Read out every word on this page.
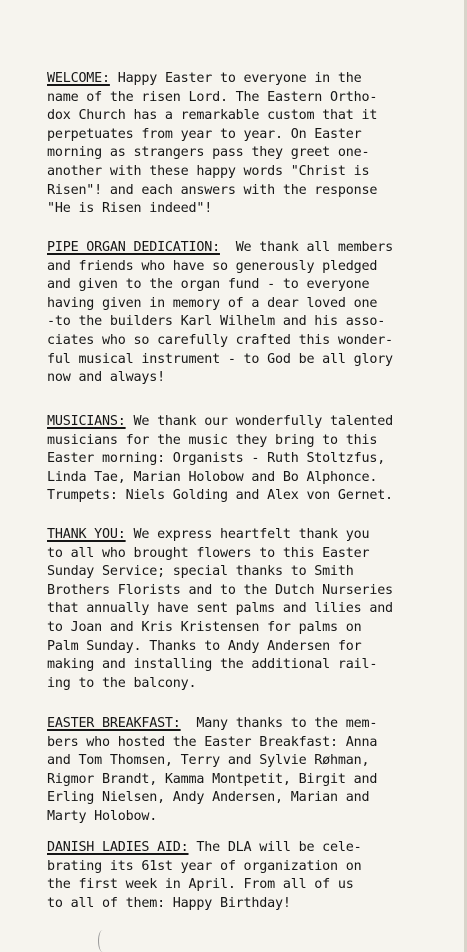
WELCOME: Happy Easter to everyone in the
name of the risen Lord. The Eastern Ortho-
dox Church has a remarkable custom that it
perpetuates from year to year. On Easter
morning as strangers pass they greet one-
another with these happy words "Christ is
Risen"! and each answers with the response
"He is Risen indeed"!
PIPE ORGAN DEDICATION:  We thank all members
and friends who have so generously pledged
and given to the organ fund - to everyone
having given in memory of a dear loved one
-to the builders Karl Wilhelm and his asso-
ciates who so carefully crafted this wonder-
ful musical instrument - to God be all glory
now and always!
MUSICIANS: We thank our wonderfully talented
musicians for the music they bring to this
Easter morning: Organists - Ruth Stoltzfus,
Linda Tae, Marian Holobow and Bo Alphonce.
Trumpets: Niels Golding and Alex von Gernet.
THANK YOU: We express heartfelt thank you
to all who brought flowers to this Easter
Sunday Service; special thanks to Smith
Brothers Florists and to the Dutch Nurseries
that annually have sent palms and lilies and
to Joan and Kris Kristensen for palms on
Palm Sunday. Thanks to Andy Andersen for
making and installing the additional rail-
ing to the balcony.
EASTER BREAKFAST:  Many thanks to the mem-
bers who hosted the Easter Breakfast: Anna
and Tom Thomsen, Terry and Sylvie Røhman,
Rigmor Brandt, Kamma Montpetit, Birgit and
Erling Nielsen, Andy Andersen, Marian and
Marty Holobow.
DANISH LADIES AID: The DLA will be cele-
brating its 61st year of organization on
the first week in April. From all of us
to all of them: Happy Birthday!
